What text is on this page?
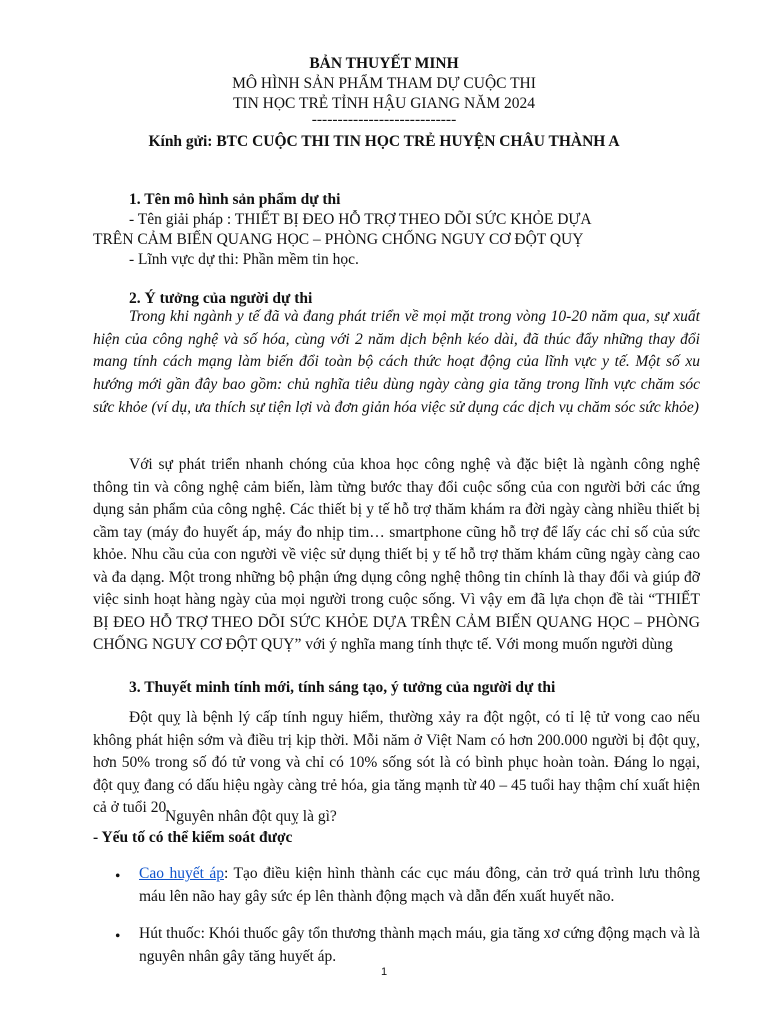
BẢN THUYẾT MINH
MÔ HÌNH SẢN PHẨM THAM DỰ CUỘC THI
TIN HỌC TRẺ TỈNH HẬU GIANG NĂM 2024
----------------------------
Kính gửi: BTC CUỘC THI TIN HỌC TRẺ HUYỆN CHÂU THÀNH A
1. Tên mô hình sản phẩm dự thi
- Tên giải pháp : THIẾT BỊ ĐEO HỖ TRỢ THEO DÕI SỨC KHỎE DỰA
TRÊN CẢM BIẾN QUANG HỌC – PHÒNG CHỐNG NGUY CƠ ĐỘT QUỴ
- Lĩnh vực dự thi: Phần mềm tin học.
2. Ý tưởng của người dự thi

Trong khi ngành y tế đã và đang phát triển về mọi mặt trong vòng 10-20 năm qua, sự xuất hiện của công nghệ và số hóa, cùng với 2 năm dịch bệnh kéo dài, đã thúc đẩy những thay đổi mang tính cách mạng làm biến đổi toàn bộ cách thức hoạt động của lĩnh vực y tế. Một số xu hướng mới gần đây bao gồm: chủ nghĩa tiêu dùng ngày càng gia tăng trong lĩnh vực chăm sóc sức khỏe (ví dụ, ưa thích sự tiện lợi và đơn giản hóa việc sử dụng các dịch vụ chăm sóc sức khỏe)

Với sự phát triển nhanh chóng của khoa học công nghệ và đặc biệt là ngành công nghệ thông tin và công nghệ cảm biến, làm từng bước thay đổi cuộc sống của con người bởi các ứng dụng sản phẩm của công nghệ. Các thiết bị y tế hỗ trợ thăm khám ra đời ngày càng nhiều thiết bị cầm tay (máy đo huyết áp, máy đo nhịp tim… smartphone cũng hỗ trợ để lấy các chỉ số của sức khỏe. Nhu cầu của con người về việc sử dụng thiết bị y tế hỗ trợ thăm khám cũng ngày càng cao và đa dạng. Một trong những bộ phận ứng dụng công nghệ thông tin chính là thay đổi và giúp đỡ việc sinh hoạt hàng ngày của mọi người trong cuộc sống. Vì vậy em đã lựa chọn đề tài “THIẾT BỊ ĐEO HỖ TRỢ THEO DÕI SỨC KHỎE DỰA TRÊN CẢM BIẾN QUANG HỌC – PHÒNG CHỐNG NGUY CƠ ĐỘT QUỴ” với ý nghĩa mang tính thực tế. Với mong muốn người dùng

3. Thuyết minh tính mới, tính sáng tạo, ý tưởng của người dự thi

Đột quỵ là bệnh lý cấp tính nguy hiểm, thường xảy ra đột ngột, có tỉ lệ tử vong cao nếu không phát hiện sớm và điều trị kịp thời. Mỗi năm ở Việt Nam có hơn 200.000 người bị đột quỵ, hơn 50% trong số đó tử vong và chỉ có 10% sống sót là có bình phục hoàn toàn. Đáng lo ngại, đột quỵ đang có dấu hiệu ngày càng trẻ hóa, gia tăng mạnh từ 40 – 45 tuổi hay thậm chí xuất hiện cả ở tuổi 20.

Nguyên nhân đột quỵ là gì?
- Yếu tố có thể kiểm soát được
• Cao huyết áp: Tạo điều kiện hình thành các cục máu đông, cản trở quá trình lưu thông máu lên não hay gây sức ép lên thành động mạch và dẫn đến xuất huyết não.
• Hút thuốc: Khói thuốc gây tổn thương thành mạch máu, gia tăng xơ cứng động mạch và là nguyên nhân gây tăng huyết áp.
1
